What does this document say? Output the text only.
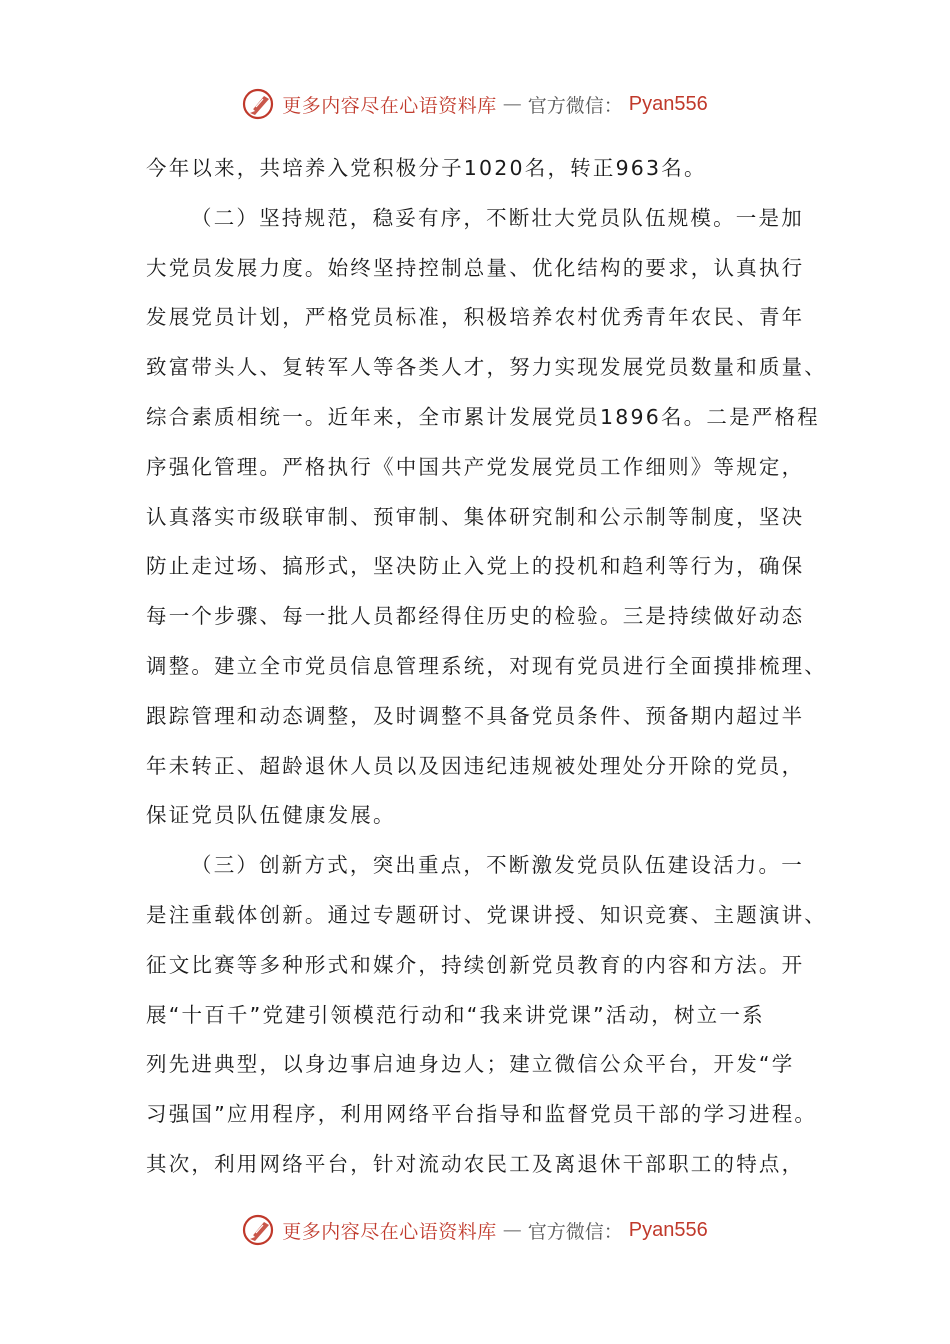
更多内容尽在心语资料库 — 官方微信： Pyan556
今年以来，共培养入党积极分子1020名，转正963名。
（二）坚持规范，稳妥有序，不断壮大党员队伍规模。一是加
大党员发展力度。始终坚持控制总量、优化结构的要求，认真执行
发展党员计划，严格党员标准，积极培养农村优秀青年农民、青年
致富带头人、复转军人等各类人才，努力实现发展党员数量和质量、
综合素质相统一。近年来，全市累计发展党员1896名。二是严格程
序强化管理。严格执行《中国共产党发展党员工作细则》等规定，
认真落实市级联审制、预审制、集体研究制和公示制等制度，坚决
防止走过场、搞形式，坚决防止入党上的投机和趋利等行为，确保
每一个步骤、每一批人员都经得住历史的检验。三是持续做好动态
调整。建立全市党员信息管理系统，对现有党员进行全面摸排梳理、
跟踪管理和动态调整，及时调整不具备党员条件、预备期内超过半
年未转正、超龄退休人员以及因违纪违规被处理处分开除的党员，
保证党员队伍健康发展。
（三）创新方式，突出重点，不断激发党员队伍建设活力。一
是注重载体创新。通过专题研讨、党课讲授、知识竞赛、主题演讲、
征文比赛等多种形式和媒介，持续创新党员教育的内容和方法。开
展“十百千”党建引领模范行动和“我来讲党课”活动，树立一系
列先进典型，以身边事启迪身边人；建立微信公众平台，开发“学
习强国”应用程序，利用网络平台指导和监督党员干部的学习进程。
其次，利用网络平台，针对流动农民工及离退休干部职工的特点，
更多内容尽在心语资料库 — 官方微信： Pyan556
